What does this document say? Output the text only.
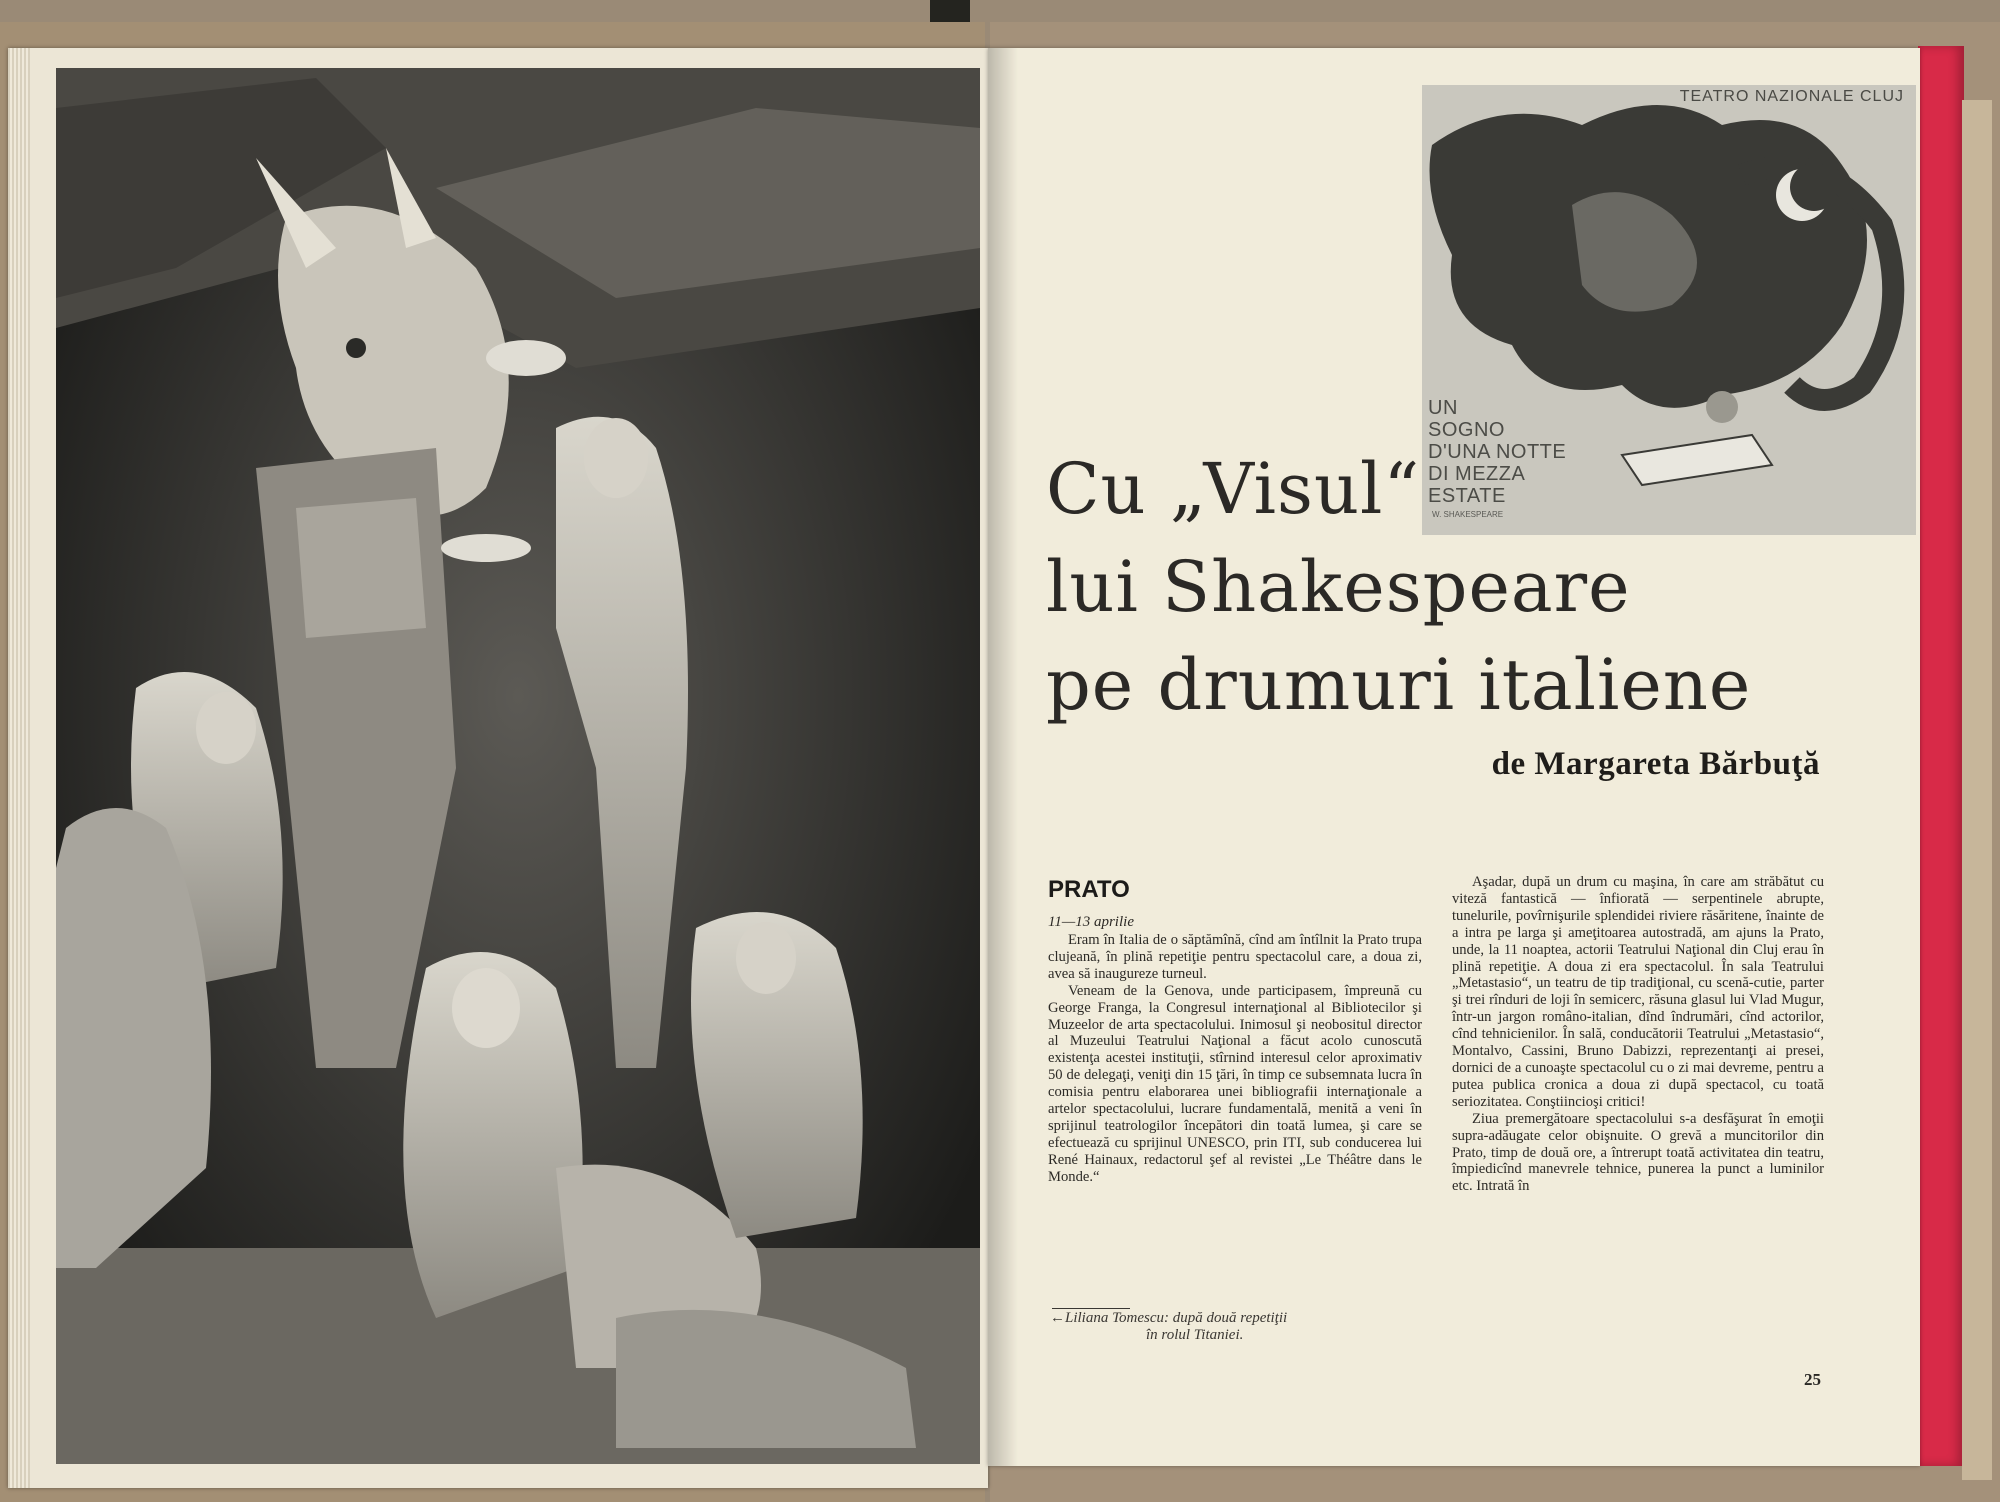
TEATRO NAZIONALE CLUJ
UN
SOGNO
D'UNA NOTTE
DI MEZZA
ESTATE
W. SHAKESPEARE
Cu „Visul“
lui Shakespeare
pe drumuri italiene
de Margareta Bărbuţă
PRATO
11—13 aprilie

Eram în Italia de o săptămînă, cînd am întîlnit la Prato trupa clujeană, în plină repetiţie pentru spectacolul care, a doua zi, avea să inaugureze turneul.

Veneam de la Genova, unde participasem, împreună cu George Franga, la Congresul internaţional al Bibliotecilor şi Muzeelor de arta spectacolului. Inimosul şi neobositul director al Muzeului Teatrului Naţional a făcut acolo cunoscută existenţa acestei instituţii, stîrnind interesul celor aproximativ 50 de delegaţi, veniţi din 15 ţări, în timp ce subsemnata lucra în comisia pentru elaborarea unei bibliografii internaţionale a artelor spectacolului, lucrare fundamentală, menită a veni în sprijinul teatrologilor începători din toată lumea, şi care se efectuează cu sprijinul UNESCO, prin ITI, sub conducerea lui René Hainaux, redactorul şef al revistei „Le Théâtre dans le Monde.“

←Liliana Tomescu: după două repetiţii
în rolul Titaniei.

Aşadar, după un drum cu maşina, în care am străbătut cu viteză fantastică — înfiorată — serpentinele abrupte, tunelurile, povîrnişurile splendidei riviere răsăritene, înainte de a intra pe larga şi ameţitoarea autostradă, am ajuns la Prato, unde, la 11 noaptea, actorii Teatrului Naţional din Cluj erau în plină repetiţie. A doua zi era spectacolul. În sala Teatrului „Metastasio“, un teatru de tip tradiţional, cu scenă-cutie, parter şi trei rînduri de loji în semicerc, răsuna glasul lui Vlad Mugur, într-un jargon româno-italian, dînd îndrumări, cînd actorilor, cînd tehnicienilor. În sală, conducătorii Teatrului „Metastasio“, Montalvo, Cassini, Bruno Dabizzi, reprezentanţi ai presei, dornici de a cunoaşte spectacolul cu o zi mai devreme, pentru a putea publica cronica a doua zi după spectacol, cu toată seriozitatea. Conştiincioşi critici!

Ziua premergătoare spectacolului s-a desfăşurat în emoţii supra-adăugate celor obişnuite. O grevă a muncitorilor din Prato, timp de două ore, a întrerupt toată activitatea din teatru, împiedicînd manevrele tehnice, punerea la punct a luminilor etc. Intrată în

25
